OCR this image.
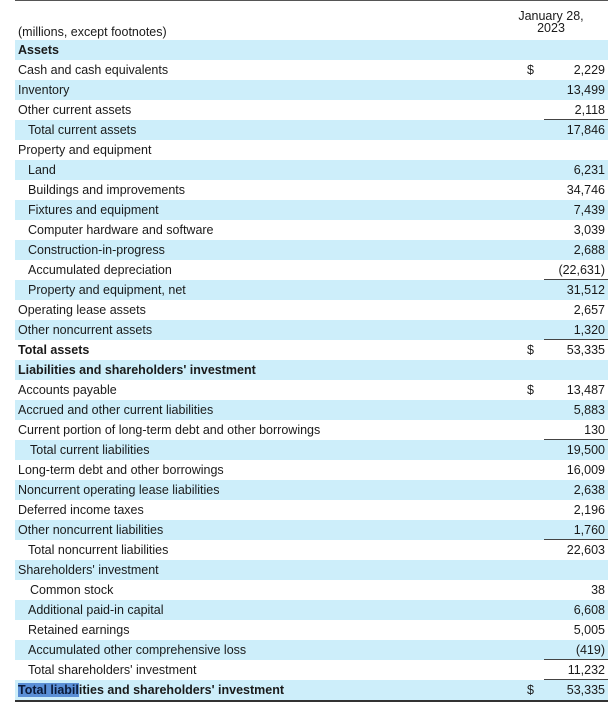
(millions, except footnotes)
January 28,
2023
Assets
Cash and cash equivalents	$	2,229
Inventory	13,499
Other current assets	2,118
Total current assets	17,846
Property and equipment
Land	6,231
Buildings and improvements	34,746
Fixtures and equipment	7,439
Computer hardware and software	3,039
Construction-in-progress	2,688
Accumulated depreciation	(22,631)
Property and equipment, net	31,512
Operating lease assets	2,657
Other noncurrent assets	1,320
Total assets	$	53,335
Liabilities and shareholders' investment
Accounts payable	$	13,487
Accrued and other current liabilities	5,883
Current portion of long-term debt and other borrowings	130
Total current liabilities	19,500
Long-term debt and other borrowings	16,009
Noncurrent operating lease liabilities	2,638
Deferred income taxes	2,196
Other noncurrent liabilities	1,760
Total noncurrent liabilities	22,603
Shareholders' investment
Common stock	38
Additional paid-in capital	6,608
Retained earnings	5,005
Accumulated other comprehensive loss	(419)
Total shareholders' investment	11,232
Total liabilities and shareholders' investment	$	53,335
